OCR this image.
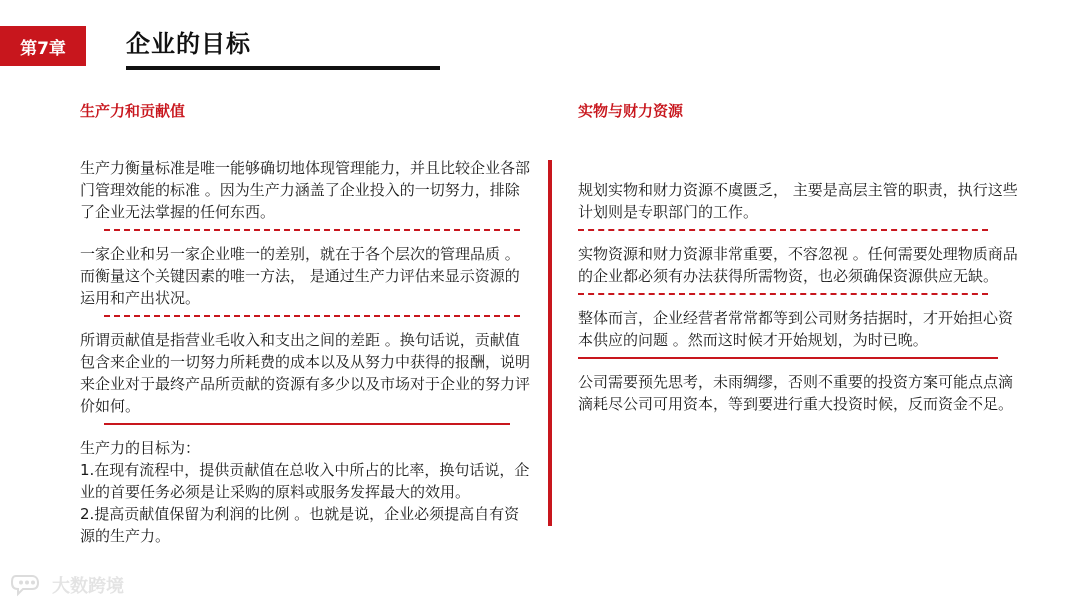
第7章	企业的目标
生产力和贡献值
生产力衡量标准是唯一能够确切地体现管理能力，并且比较企业各部门管理效能的标准 。因为生产力涵盖了企业投入的一切努力，排除了企业无法掌握的任何东西。
一家企业和另一家企业唯一的差别，就在于各个层次的管理品质 。而衡量这个关键因素的唯一方法， 是通过生产力评估来显示资源的运用和产出状况。
所谓贡献值是指营业毛收入和支出之间的差距 。换句话说，贡献值包含来企业的一切努力所耗费的成本以及从努力中获得的报酬，说明来企业对于最终产品所贡献的资源有多少以及市场对于企业的努力评价如何。
生产力的目标为：
1.在现有流程中，提供贡献值在总收入中所占的比率，换句话说，企业的首要任务必须是让采购的原料或服务发挥最大的效用。
2.提高贡献值保留为利润的比例 。也就是说，企业必须提高自有资源的生产力。
实物与财力资源
规划实物和财力资源不虞匮乏， 主要是高层主管的职责，执行这些计划则是专职部门的工作。
实物资源和财力资源非常重要，不容忽视 。任何需要处理物质商品的企业都必须有办法获得所需物资，也必须确保资源供应无缺。
整体而言，企业经营者常常都等到公司财务拮据时，才开始担心资本供应的问题 。然而这时候才开始规划，为时已晚。
公司需要预先思考，未雨绸缪，否则不重要的投资方案可能点点滴滴耗尽公司可用资本，等到要进行重大投资时候，反而资金不足。
大数跨境
